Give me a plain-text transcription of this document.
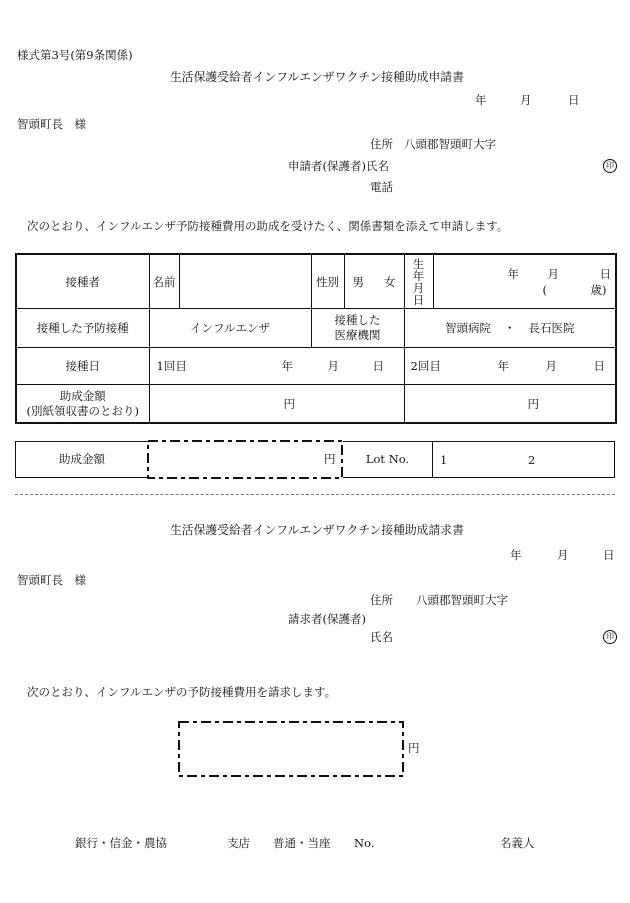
様式第3号(第9条関係)
生活保護受給者インフルエンザワクチン接種助成申請書
年	月	日
智頭町長　様
住所 八頭郡智頭町大字
申請者(保護者)氏名	印
電話
次のとおり、インフルエンザ予防接種費用の助成を受けたく、関係書類を添えて申請します。
接種者	名前		性別	男 女	生年月日	年 月 日
( 歳)

接種した予防接種	インフルエンザ		接種した
医療機関		智頭病院 ・ 長石医院	
接種日	1回目 年 月 日				2回目 年 月 日	

助成金額
(別紙領収書のとおり)	円				円	
助成金額	円	Lot No.	1	2
生活保護受給者インフルエンザワクチン接種助成請求書
年	月	日
智頭町長　様
住所 八頭郡智頭町大字
請求者(保護者)
氏名	印
次のとおり、インフルエンザの予防接種費用を請求します。
円
銀行・信金・農協	支店 普通・当座 No.	名義人
